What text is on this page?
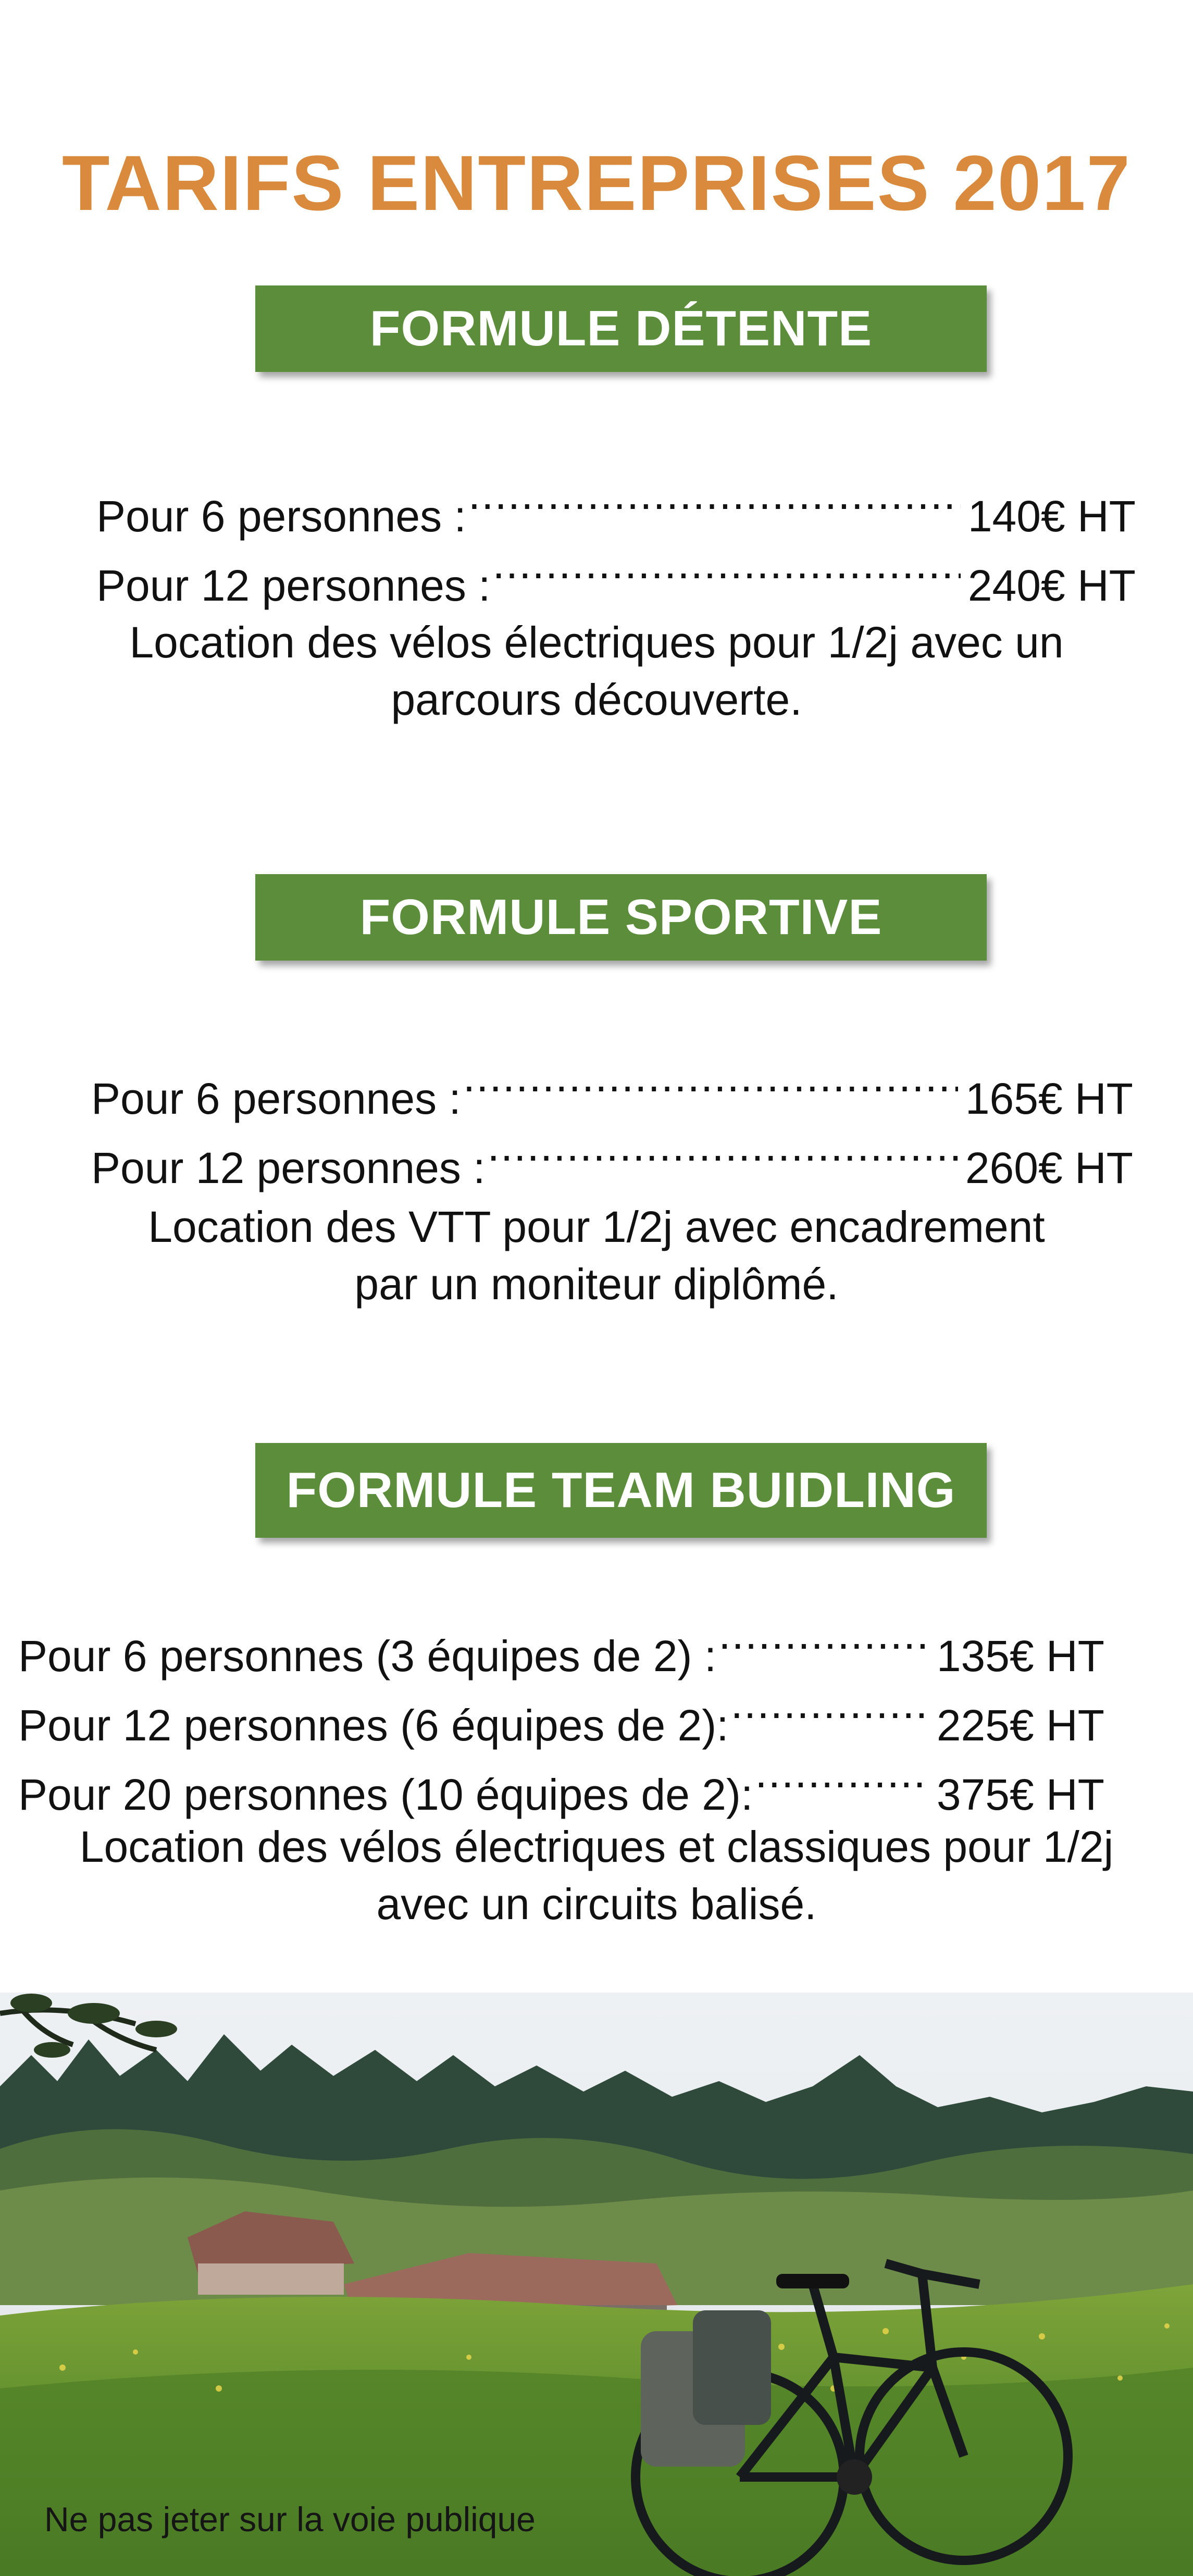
TARIFS ENTREPRISES 2017
FORMULE DÉTENTE
Pour 6 personnes : .....	140€ HT
Pour 12 personnes : .....	240€ HT
Location des vélos électriques pour 1/2j avec un
parcours découverte.
FORMULE SPORTIVE
Pour 6 personnes : .....	165€ HT
Pour 12 personnes : .....	260€ HT
Location des VTT pour 1/2j avec encadrement
par un moniteur diplômé.
FORMULE TEAM BUIDLING
Pour 6 personnes (3 équipes de 2) : .....	135€ HT
Pour 12 personnes (6 équipes de 2): .....	225€ HT
Pour 20 personnes (10 équipes de 2): .....	375€ HT
Location des vélos électriques et classiques pour 1/2j
avec un circuits balisé.
Ne pas jeter sur la voie publique
